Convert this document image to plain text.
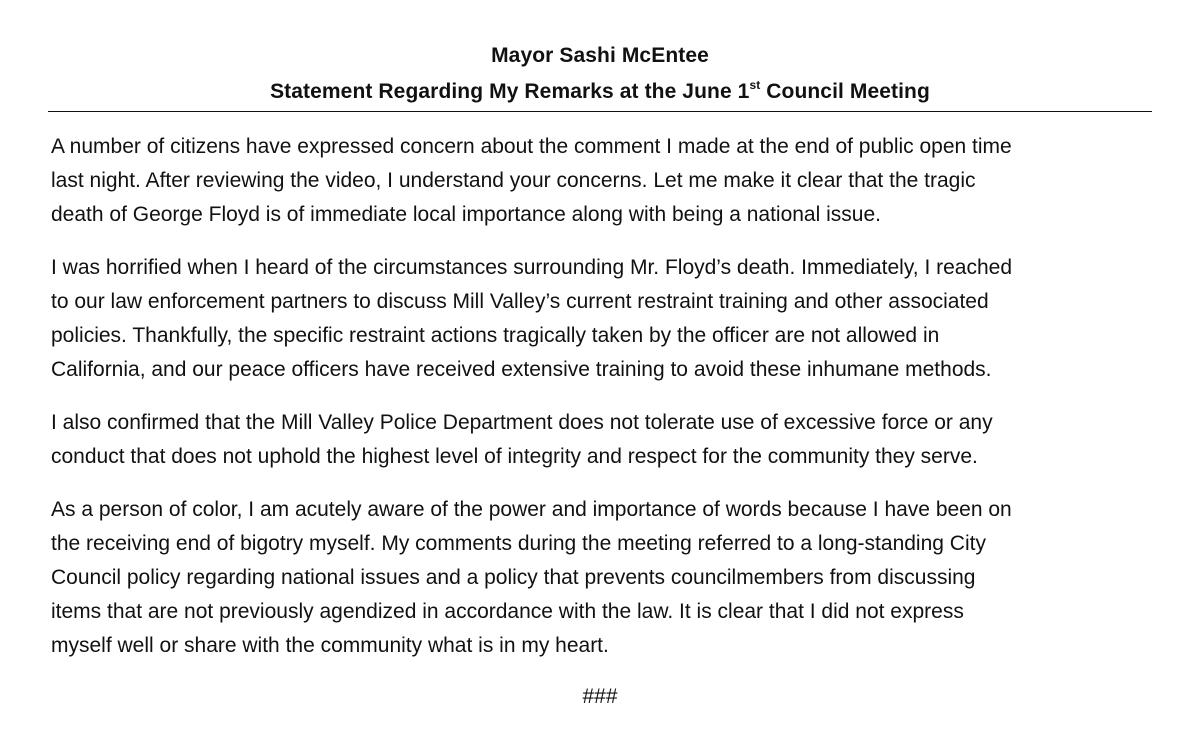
Mayor Sashi McEntee
Statement Regarding My Remarks at the June 1st Council Meeting

A number of citizens have expressed concern about the comment I made at the end of public open time
last night. After reviewing the video, I understand your concerns. Let me make it clear that the tragic
death of George Floyd is of immediate local importance along with being a national issue.

I was horrified when I heard of the circumstances surrounding Mr. Floyd’s death. Immediately, I reached
to our law enforcement partners to discuss Mill Valley’s current restraint training and other associated
policies. Thankfully, the specific restraint actions tragically taken by the officer are not allowed in
California, and our peace officers have received extensive training to avoid these inhumane methods.

I also confirmed that the Mill Valley Police Department does not tolerate use of excessive force or any
conduct that does not uphold the highest level of integrity and respect for the community they serve.

As a person of color, I am acutely aware of the power and importance of words because I have been on
the receiving end of bigotry myself. My comments during the meeting referred to a long-standing City
Council policy regarding national issues and a policy that prevents councilmembers from discussing
items that are not previously agendized in accordance with the law. It is clear that I did not express
myself well or share with the community what is in my heart.

###
